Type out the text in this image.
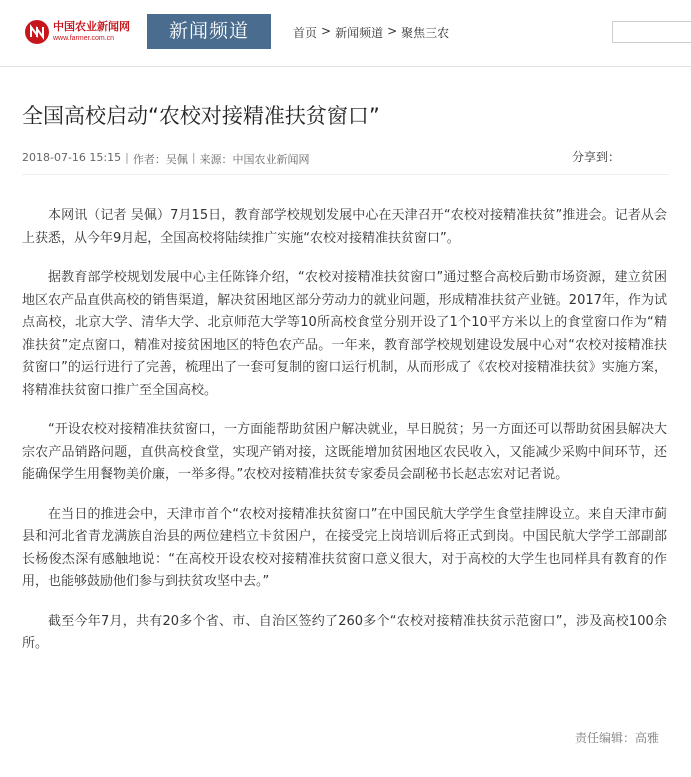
中国农业新闻网
www.farmer.com.cn	新闻频道	首页 > 新闻频道 > 聚焦三农
全国高校启动“农校对接精准扶贫窗口”
2018-07-16 15:15 | 作者：吴佩 | 来源：中国农业新闻网	分享到：

本网讯（记者 吴佩）7月15日，教育部学校规划发展中心在天津召开“农校对接精准扶贫”推进会。记者从会上获悉，从今年9月起，全国高校将陆续推广实施“农校对接精准扶贫窗口”。

据教育部学校规划发展中心主任陈锋介绍，“农校对接精准扶贫窗口”通过整合高校后勤市场资源，建立贫困地区农产品直供高校的销售渠道，解决贫困地区部分劳动力的就业问题，形成精准扶贫产业链。2017年，作为试点高校，北京大学、清华大学、北京师范大学等10所高校食堂分别开设了1个10平方米以上的食堂窗口作为“精准扶贫”定点窗口，精准对接贫困地区的特色农产品。一年来，教育部学校规划建设发展中心对“农校对接精准扶贫窗口”的运行进行了完善，梳理出了一套可复制的窗口运行机制，从而形成了《农校对接精准扶贫》实施方案，将精准扶贫窗口推广至全国高校。

“开设农校对接精准扶贫窗口，一方面能帮助贫困户解决就业，早日脱贫；另一方面还可以帮助贫困县解决大宗农产品销路问题，直供高校食堂，实现产销对接，这既能增加贫困地区农民收入，又能减少采购中间环节，还能确保学生用餐物美价廉，一举多得。”农校对接精准扶贫专家委员会副秘书长赵志宏对记者说。

在当日的推进会中，天津市首个“农校对接精准扶贫窗口”在中国民航大学学生食堂挂牌设立。来自天津市蓟县和河北省青龙满族自治县的两位建档立卡贫困户，在接受完上岗培训后将正式到岗。中国民航大学学工部副部长杨俊杰深有感触地说：“在高校开设农校对接精准扶贫窗口意义很大，对于高校的大学生也同样具有教育的作用，也能够鼓励他们参与到扶贫攻坚中去。”

截至今年7月，共有20多个省、市、自治区签约了260多个“农校对接精准扶贫示范窗口”，涉及高校100余所。

责任编辑：高雅
